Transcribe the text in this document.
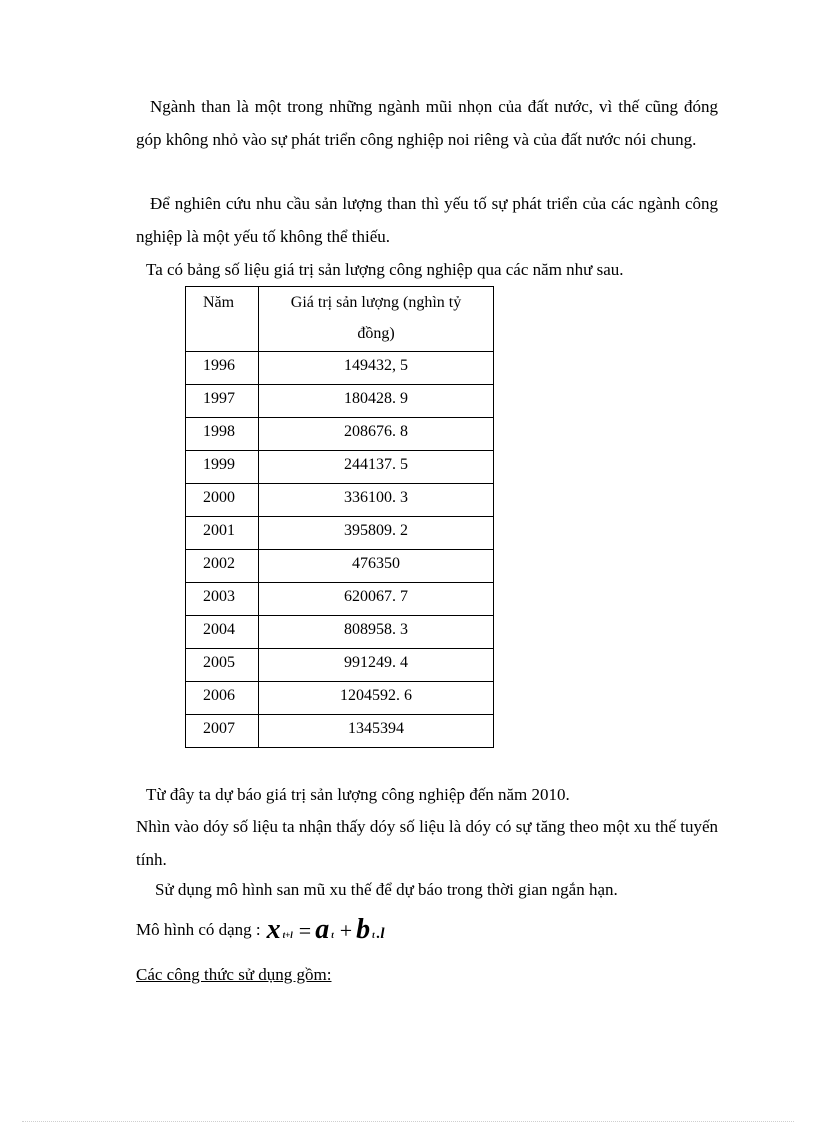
Ngành than là một trong những ngành mũi nhọn của đất nước, vì thế cũng đóng góp không nhỏ vào sự phát triển công nghiệp noi riêng và của đất nước nói chung.

Để nghiên cứu nhu cầu sản lượng than thì yếu tố sự phát triển của các ngành công nghiệp là một yếu tố không thể thiếu.

Ta có bảng số liệu giá trị sản lượng công nghiệp qua các năm như sau.

Năm	Giá trị sản lượng (nghìn tỷ
đồng)

1996	149432, 5
1997	180428. 9
1998	208676. 8
1999	244137. 5
2000	336100. 3
2001	395809. 2
2002	476350
2003	620067. 7
2004	808958. 3
2005	991249. 4
2006	1204592. 6
2007	1345394

Từ đây ta dự báo giá trị sản lượng công nghiệp đến năm 2010.

Nhìn vào dóy số liệu ta nhận thấy dóy số liệu là dóy có sự tăng theo một xu thế tuyến tính.

Sử dụng mô hình san mũ xu thế để dự báo trong thời gian ngắn hạn.

Mô hình có dạng : x t+l = a t + b t .l

Các công thức sử dụng gồm:
